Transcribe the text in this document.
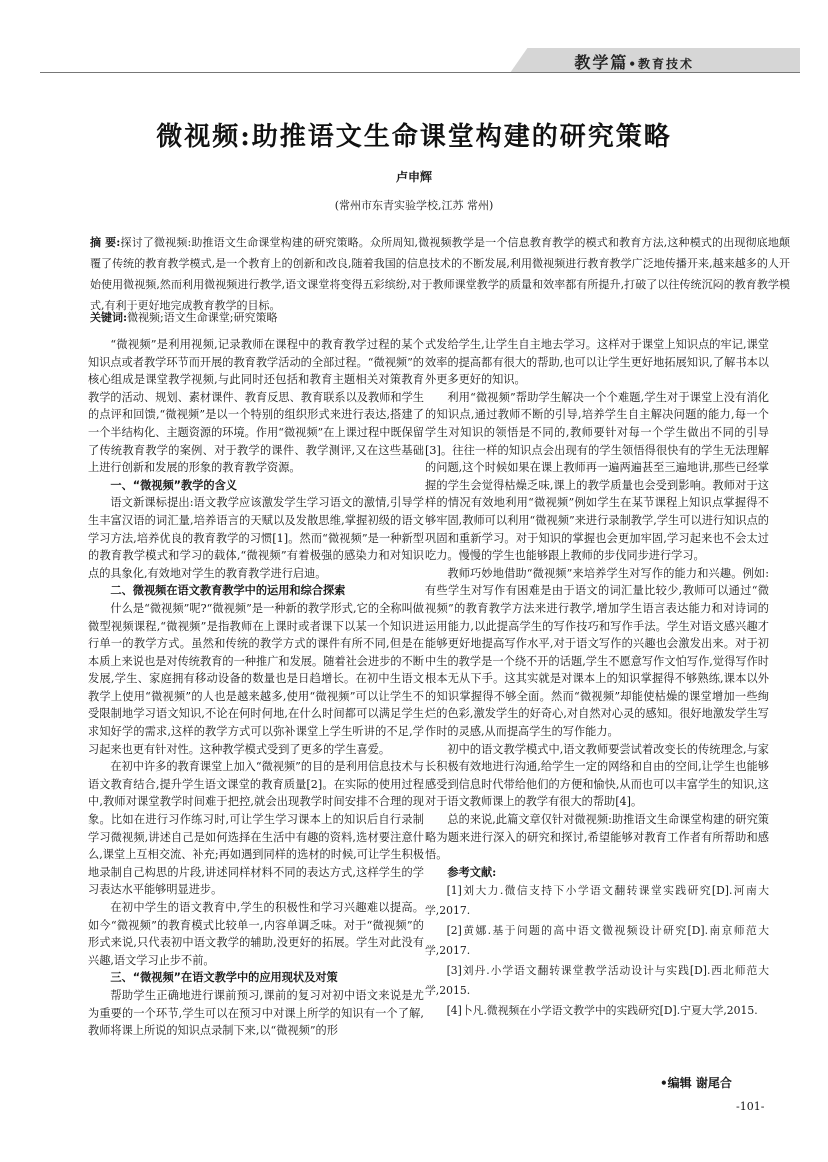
教学篇•教育技术
微视频:助推语文生命课堂构建的研究策略
卢申辉
(常州市东青实验学校,江苏 常州)
摘 要:探讨了微视频:助推语文生命课堂构建的研究策略。众所周知,微视频教学是一个信息教育教学的模式和教育方法,这种模式的出现彻底地颠覆了传统的教育教学模式,是一个教育上的创新和改良,随着我国的信息技术的不断发展,利用微视频进行教育教学广泛地传播开来,越来越多的人开始使用微视频,然而利用微视频进行教学,语文课堂将变得五彩缤纷,对于教师课堂教学的质量和效率都有所提升,打破了以往传统沉闷的教育教学模式,有利于更好地完成教育教学的目标。
关键词:微视频;语文生命课堂;研究策略

“微视频”是利用视频,记录教师在课程中的教育教学过程的某个知识点或者教学环节而开展的教育教学活动的全部过程。“微视频”的核心组成是课堂教学视频,与此同时还包括和教育主题相关对策教育教学的活动、规划、素材课件、教育反思、教育联系以及教师和学生的点评和回馈,“微视频”是以一个特别的组织形式来进行表达,搭建了一个半结构化、主题资源的环境。作用“微视频”在上课过程中既保留了传统教育教学的案例、对于教学的课件、教学测评,又在这些基础上进行创新和发展的形象的教育教学资源。

一、“微视频”教学的含义

语文新课标提出:语文教学应该激发学生学习语文的激情,引导学生丰富汉语的词汇量,培养语言的天赋以及发散思维,掌握初级的语文学习方法,培养优良的教育教学的习惯[1]。然而“微视频”是一种新型的教育教学模式和学习的载体,“微视频”有着极强的感染力和对知识点的具象化,有效地对学生的教育教学进行启迪。

二、微视频在语文教育教学中的运用和综合探索

什么是“微视频”呢?“微视频”是一种新的教学形式,它的全称叫做微型视频课程,“微视频”是指教师在上课时或者课下以某一个知识进行单一的教学方式。虽然和传统的教学方式的课件有所不同,但是在本质上来说也是对传统教育的一种推广和发展。随着社会进步的不断发展,学生、家庭拥有移动设备的数量也是日趋增长。在初中生语文教学上使用“微视频”的人也是越来越多,使用“微视频”可以让学生不受限制地学习语文知识,不论在何时何地,在什么时间都可以满足学生求知好学的需求,这样的教学方式可以弥补课堂上学生听讲的不足,学习起来也更有针对性。这种教学模式受到了更多的学生喜爱。

在初中许多的教育课堂上加入“微视频”的目的是利用信息技术与语文教育结合,提升学生语文课堂的教育质量[2]。在实际的使用过程中,教师对课堂教学时间难于把控,就会出现教学时间安排不合理的现象。比如在进行习作练习时,可让学生学习课本上的知识后自行录制学习微视频,讲述自己是如何选择在生活中有趣的资料,选材要注意什么,课堂上互相交流、补充;再如遇到同样的选材的时候,可让学生积极地录制自己构思的片段,讲述同样材料不同的表达方式,这样学生的学习表达水平能够明显进步。

在初中学生的语文教育中,学生的积极性和学习兴趣难以提高。如今“微视频”的教育模式比较单一,内容单调乏味。对于“微视频”的形式来说,只代表初中语文教学的辅助,没更好的拓展。学生对此没有兴趣,语文学习止步不前。

三、“微视频”在语文教学中的应用现状及对策

帮助学生正确地进行课前预习,课前的复习对初中语文来说是尤为重要的一个环节,学生可以在预习中对课上所学的知识有一个了解,教师将课上所说的知识点录制下来,以“微视频”的形

式发给学生,让学生自主地去学习。这样对于课堂上知识点的牢记,课堂效率的提高都有很大的帮助,也可以让学生更好地拓展知识,了解书本以外更多更好的知识。

利用“微视频”帮助学生解决一个个难题,学生对于课堂上没有消化的知识点,通过教师不断的引导,培养学生自主解决问题的能力,每一个学生对知识的领悟是不同的,教师要针对每一个学生做出不同的引导[3]。往往一样的知识点会出现有的学生领悟得很快有的学生无法理解的问题,这个时候如果在课上教师再一遍两遍甚至三遍地讲,那些已经掌握的学生会觉得枯燥乏味,课上的教学质量也会受到影响。教师对于这样的情况有效地利用“微视频”例如学生在某节课程上知识点掌握得不够牢固,教师可以利用“微视频”来进行录制教学,学生可以进行知识点的巩固和重新学习。对于知识的掌握也会更加牢固,学习起来也不会太过吃力。慢慢的学生也能够跟上教师的步伐同步进行学习。

教师巧妙地借助“微视频”来培养学生对写作的能力和兴趣。例如:有些学生对写作有困难是由于语文的词汇量比较少,教师可以通过“微视频”的教育教学方法来进行教学,增加学生语言表达能力和对诗词的运用能力,以此提高学生的写作技巧和写作手法。学生对语文感兴趣才能够更好地提高写作水平,对于语文写作的兴趣也会激发出来。对于初中生的教学是一个绕不开的话题,学生不愿意写作文怕写作,觉得写作时根本无从下手。这其实就是对课本上的知识掌握得不够熟练,课本以外的知识掌握得不够全面。然而“微视频”却能使枯燥的课堂增加一些绚烂的色彩,激发学生的好奇心,对自然对心灵的感知。很好地激发学生写作时的灵感,从而提高学生的写作能力。

初中的语文教学模式中,语文教师要尝试着改变长的传统理念,与家长积极有效地进行沟通,给学生一定的网络和自由的空间,让学生也能够感受到信息时代带给他们的方便和愉快,从而也可以丰富学生的知识,这对于语文教师课上的教学有很大的帮助[4]。

总的来说,此篇文章仅针对微视频:助推语文生命课堂构建的研究策略为题来进行深入的研究和探讨,希望能够对教育工作者有所帮助和感悟。

参考文献:

[1]刘大力.微信支持下小学语文翻转课堂实践研究[D].河南大学,2017.

[2]黄娜.基于问题的高中语文微视频设计研究[D].南京师范大学,2017.

[3]刘丹.小学语文翻转课堂教学活动设计与实践[D].西北师范大学,2015.

[4]卜凡.微视频在小学语文教学中的实践研究[D].宁夏大学,2015.

•编辑 谢尾合
-101-
